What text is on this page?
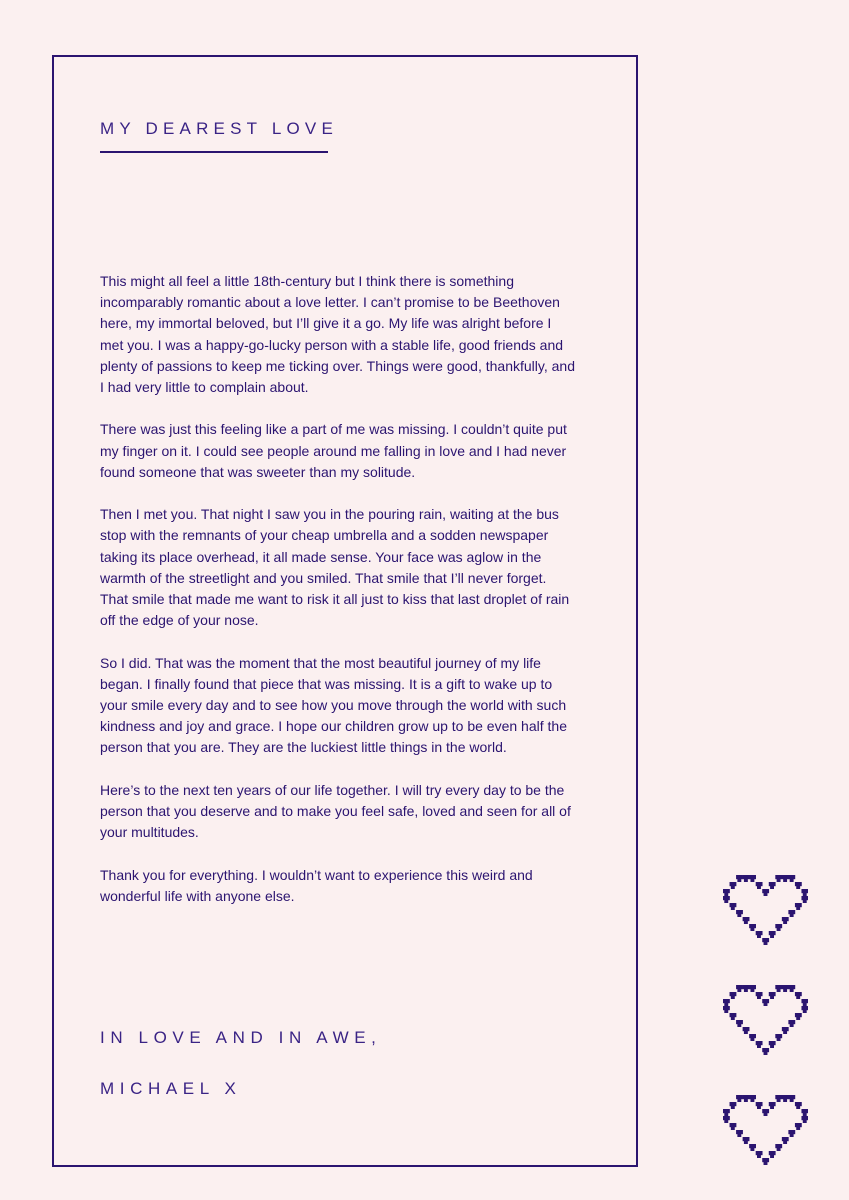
MY DEAREST LOVE

This might all feel a little 18th-century but I think there is something incomparably romantic about a love letter. I can’t promise to be Beethoven here, my immortal beloved, but I’ll give it a go. My life was alright before I met you. I was a happy-go-lucky person with a stable life, good friends and plenty of passions to keep me ticking over. Things were good, thankfully, and I had very little to complain about.

There was just this feeling like a part of me was missing. I couldn’t quite put my finger on it. I could see people around me falling in love and I had never found someone that was sweeter than my solitude.

Then I met you. That night I saw you in the pouring rain, waiting at the bus stop with the remnants of your cheap umbrella and a sodden newspaper taking its place overhead, it all made sense. Your face was aglow in the warmth of the streetlight and you smiled. That smile that I’ll never forget. That smile that made me want to risk it all just to kiss that last droplet of rain off the edge of your nose.

So I did. That was the moment that the most beautiful journey of my life began. I finally found that piece that was missing. It is a gift to wake up to your smile every day and to see how you move through the world with such kindness and joy and grace. I hope our children grow up to be even half the person that you are. They are the luckiest little things in the world.

Here’s to the next ten years of our life together. I will try every day to be the person that you deserve and to make you feel safe, loved and seen for all of your multitudes.

Thank you for everything. I wouldn’t want to experience this weird and wonderful life with anyone else.

IN LOVE AND IN AWE,
MICHAEL X
